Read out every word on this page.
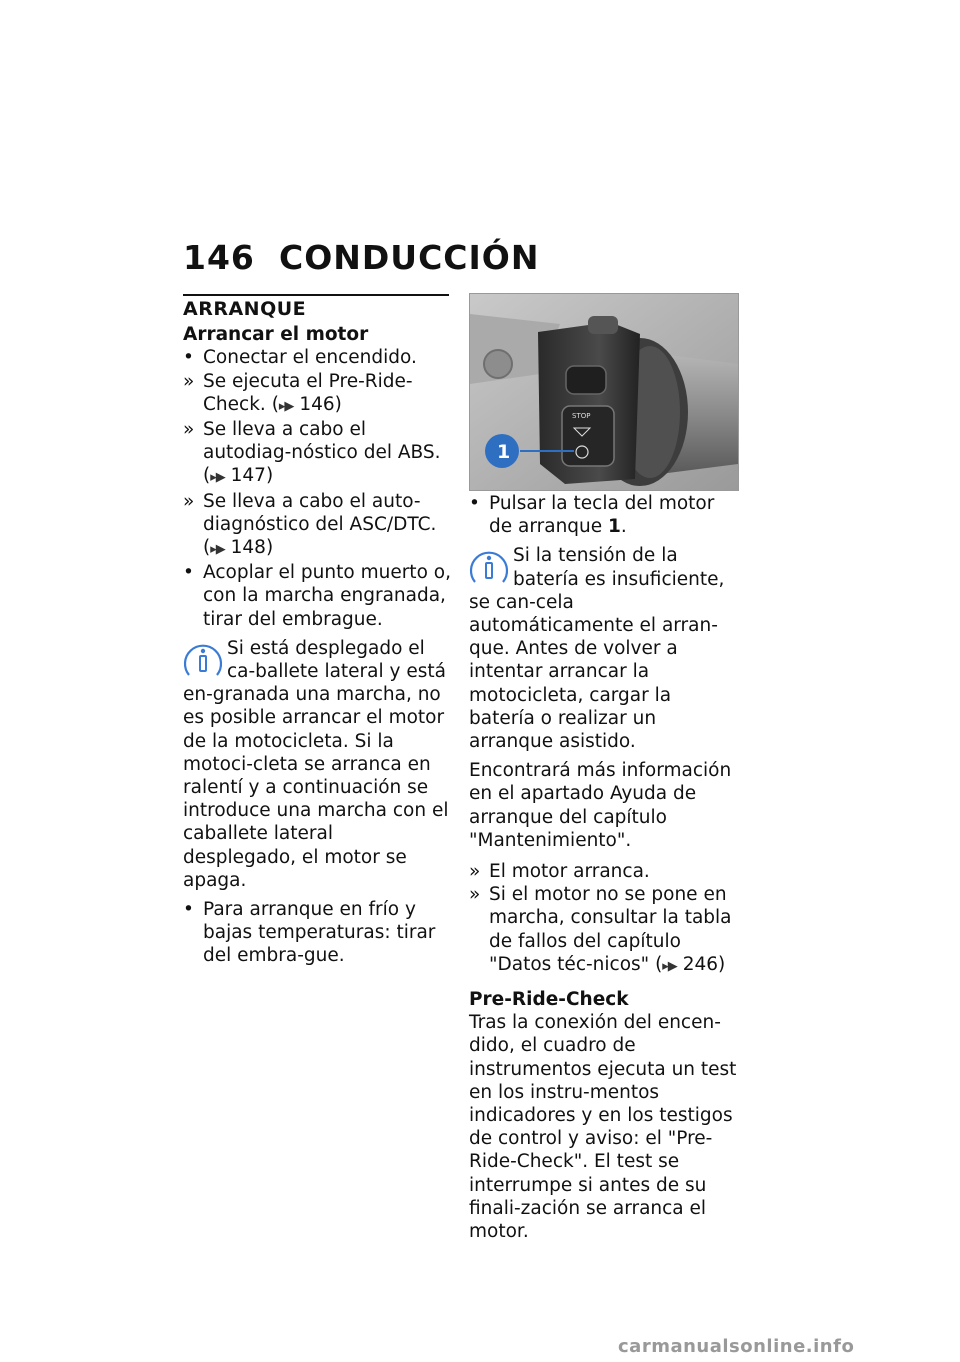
146 CONDUCCIÓN

ARRANQUE

Arrancar el motor

• Conectar el encendido.
» Se ejecuta el Pre-Ride-Check. (▸▶ 146)
» Se lleva a cabo el autodiag-nóstico del ABS. (▸▶ 147)
» Se lleva a cabo el auto-diagnóstico del ASC/DTC. (▸▶ 148)
• Acoplar el punto muerto o, con la marcha engranada, tirar del embrague.
Si está desplegado el ca-ballete lateral y está en-granada una marcha, no es posible arrancar el motor de la motocicleta. Si la motoci-cleta se arranca en ralentí y a continuación se introduce una marcha con el caballete lateral desplegado, el motor se apaga.
• Para arranque en frío y bajas temperaturas: tirar del embra-gue.
STOP
1
• Pulsar la tecla del motor de arranque 1.
Si la tensión de la batería es insuficiente, se can-cela automáticamente el arran-que. Antes de volver a intentar arrancar la motocicleta, cargar la batería o realizar un arranque asistido.

Encontrará más información en el apartado Ayuda de arranque del capítulo "Mantenimiento".

» El motor arranca.
» Si el motor no se pone en marcha, consultar la tabla de fallos del capítulo "Datos téc-nicos" (▸▶ 246)

Pre-Ride-Check

Tras la conexión del encen-dido, el cuadro de instrumentos ejecuta un test en los instru-mentos indicadores y en los testigos de control y aviso: el "Pre-Ride-Check". El test se interrumpe si antes de su finali-zación se arranca el motor.

carmanualsonline.info
